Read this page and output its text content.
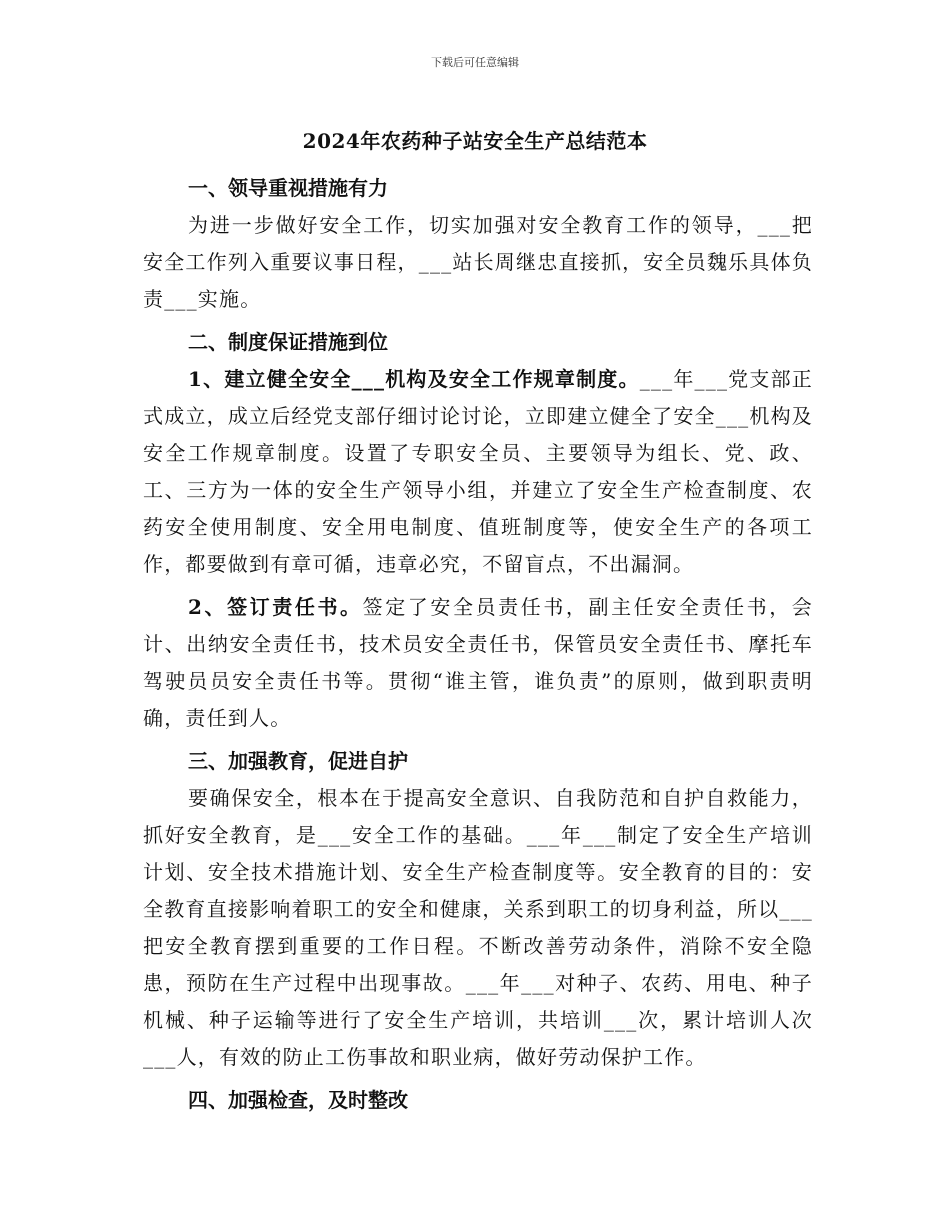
下载后可任意编辑
2024年农药种子站安全生产总结范本

一、领导重视措施有力

为进一步做好安全工作，切实加强对安全教育工作的领导，___把安全工作列入重要议事日程，___站长周继忠直接抓，安全员魏乐具体负责___实施。

二、制度保证措施到位

1、建立健全安全___机构及安全工作规章制度。___年___党支部正式成立，成立后经党支部仔细讨论讨论，立即建立健全了安全___机构及安全工作规章制度。设置了专职安全员、主要领导为组长、党、政、工、三方为一体的安全生产领导小组，并建立了安全生产检查制度、农药安全使用制度、安全用电制度、值班制度等，使安全生产的各项工作，都要做到有章可循，违章必究，不留盲点，不出漏洞。

2、签订责任书。签定了安全员责任书，副主任安全责任书，会计、出纳安全责任书，技术员安全责任书，保管员安全责任书、摩托车驾驶员员安全责任书等。贯彻“谁主管，谁负责”的原则，做到职责明确，责任到人。

三、加强教育，促进自护

要确保安全，根本在于提高安全意识、自我防范和自护自救能力，抓好安全教育，是___安全工作的基础。___年___制定了安全生产培训计划、安全技术措施计划、安全生产检查制度等。安全教育的目的：安全教育直接影响着职工的安全和健康，关系到职工的切身利益，所以___把安全教育摆到重要的工作日程。不断改善劳动条件，消除不安全隐患，预防在生产过程中出现事故。___年___对种子、农药、用电、种子机械、种子运输等进行了安全生产培训，共培训___次，累计培训人次___人，有效的防止工伤事故和职业病，做好劳动保护工作。

四、加强检查，及时整改
